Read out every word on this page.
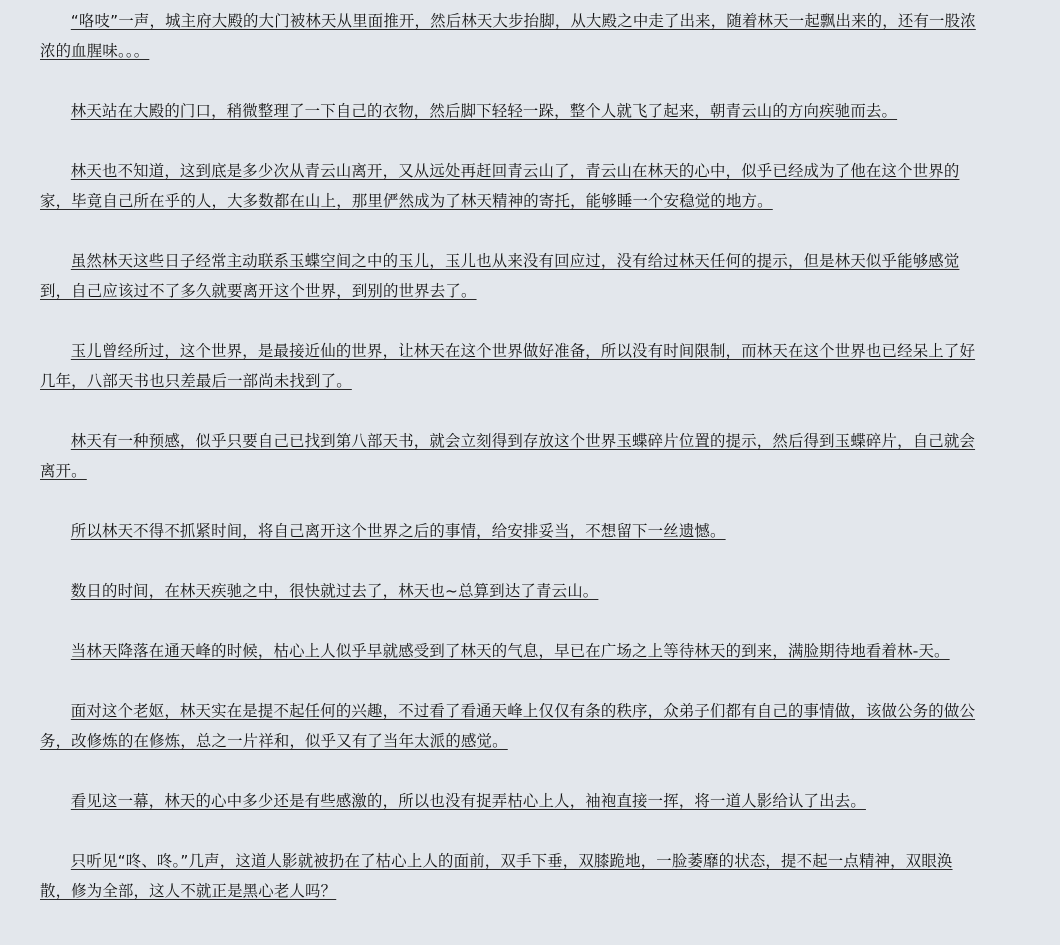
“咯吱”一声，城主府大殿的大门被林天从里面推开，然后林天大步抬脚，从大殿之中走了出来，随着林天一起飘出来的，还有一股浓浓的血腥味。。。

林天站在大殿的门口，稍微整理了一下自己的衣物，然后脚下轻轻一跺，整个人就飞了起来，朝青云山的方向疾驰而去。

林天也不知道，这到底是多少次从青云山离开，又从远处再赶回青云山了，青云山在林天的心中，似乎已经成为了他在这个世界的家，毕竟自己所在乎的人，大多数都在山上，那里俨然成为了林天精神的寄托，能够睡一个安稳觉的地方。

虽然林天这些日子经常主动联系玉蝶空间之中的玉儿，玉儿也从来没有回应过，没有给过林天任何的提示，但是林天似乎能够感觉到，自己应该过不了多久就要离开这个世界，到别的世界去了。

玉儿曾经所过，这个世界，是最接近仙的世界，让林天在这个世界做好准备，所以没有时间限制，而林天在这个世界也已经呆上了好几年，八部天书也只差最后一部尚未找到了。

林天有一种预感，似乎只要自己已找到第八部天书，就会立刻得到存放这个世界玉蝶碎片位置的提示，然后得到玉蝶碎片，自己就会离开。

所以林天不得不抓紧时间，将自己离开这个世界之后的事情，给安排妥当，不想留下一丝遗憾。

数日的时间，在林天疾驰之中，很快就过去了，林天也~总算到达了青云山。

当林天降落在通天峰的时候，枯心上人似乎早就感受到了林天的气息，早已在广场之上等待林天的到来，满脸期待地看着林-天。

面对这个老妪，林天实在是提不起任何的兴趣，不过看了看通天峰上仅仅有条的秩序，众弟子们都有自己的事情做，该做公务的做公务，改修炼的在修炼，总之一片祥和，似乎又有了当年太派的感觉。

看见这一幕，林天的心中多少还是有些感激的，所以也没有捉弄枯心上人，袖袍直接一挥，将一道人影给认了出去。

只听见“咚、咚。”几声，这道人影就被扔在了枯心上人的面前，双手下垂，双膝跪地，一脸萎靡的状态，提不起一点精神，双眼涣散，修为全部，这人不就正是黑心老人吗？
